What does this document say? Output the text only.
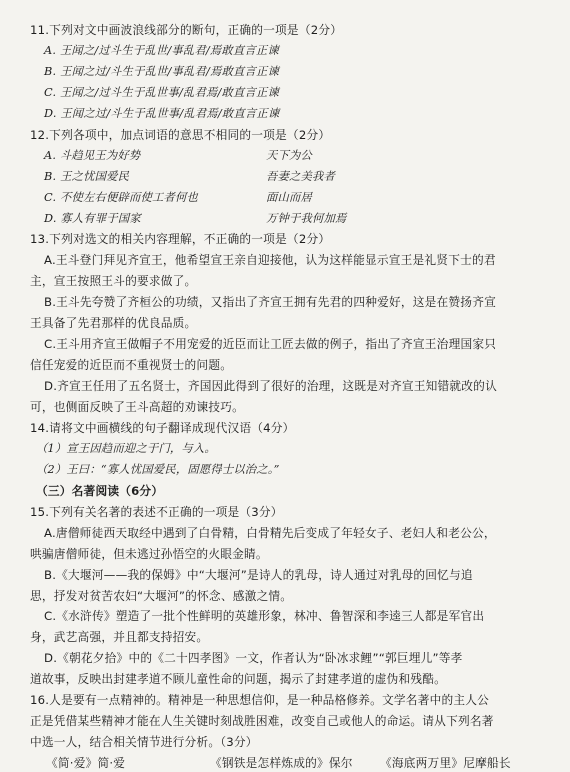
11.下列对文中画波浪线部分的断句，正确的一项是（2分）
A. 王闻之/过斗生于乱世/事乱君/焉敢直言正谏
B. 王闻之过/斗生于乱世/事乱君/焉敢直言正谏
C. 王闻之/过斗生于乱世事/乱君焉/敢直言正谏
D. 王闻之过/斗生于乱世事/乱君焉/敢直言正谏
12.下列各项中，加点词语的意思不相同的一项是（2分）
A. 斗趋见王为好势	天下为公
B. 王之忧国爱民	吾妻之美我者
C. 不使左右便辟而使工者何也	面山而居
D. 寡人有罪于国家	万钟于我何加焉
13.下列对选文的相关内容理解，不正确的一项是（2分）
A.王斗登门拜见齐宣王，他希望宣王亲自迎接他，认为这样能显示宣王是礼贤下士的君
主，宣王按照王斗的要求做了。
B.王斗先夸赞了齐桓公的功绩，又指出了齐宣王拥有先君的四种爱好，这是在赞扬齐宣
王具备了先君那样的优良品质。
C.王斗用齐宣王做帽子不用宠爱的近臣而让工匠去做的例子，指出了齐宣王治理国家只
信任宠爱的近臣而不重视贤士的问题。
D.齐宣王任用了五名贤士，齐国因此得到了很好的治理，这既是对齐宣王知错就改的认
可，也侧面反映了王斗高超的劝谏技巧。
14.请将文中画横线的句子翻译成现代汉语（4分）
（1）宣王因趋而迎之于门，与入。
（2）王曰：“寡人忧国爱民，固愿得士以治之。”
（三）名著阅读（6分）
15.下列有关名著的表述不正确的一项是（3分）
A.唐僧师徒西天取经中遇到了白骨精，白骨精先后变成了年轻女子、老妇人和老公公，
哄骗唐僧师徒，但未逃过孙悟空的火眼金睛。
B.《大堰河——我的保姆》中“大堰河”是诗人的乳母，诗人通过对乳母的回忆与追
思，抒发对贫苦农妇“大堰河”的怀念、感激之情。
C.《水浒传》塑造了一批个性鲜明的英雄形象，林冲、鲁智深和李逵三人都是军官出
身，武艺高强，并且都支持招安。
D.《朝花夕拾》中的《二十四孝图》一文，作者认为“卧冰求鲤”“郭巨埋儿”等孝
道故事，反映出封建孝道不顾儿童性命的问题，揭示了封建孝道的虚伪和残酷。
16.人是要有一点精神的。精神是一种思想信仰，是一种品格修养。文学名著中的主人公
正是凭借某些精神才能在人生关键时刻战胜困难，改变自己或他人的命运。请从下列名著
中选一人，结合相关情节进行分析。（3分）
《简·爱》简·爱	《钢铁是怎样炼成的》保尔 《海底两万里》尼摩船长
